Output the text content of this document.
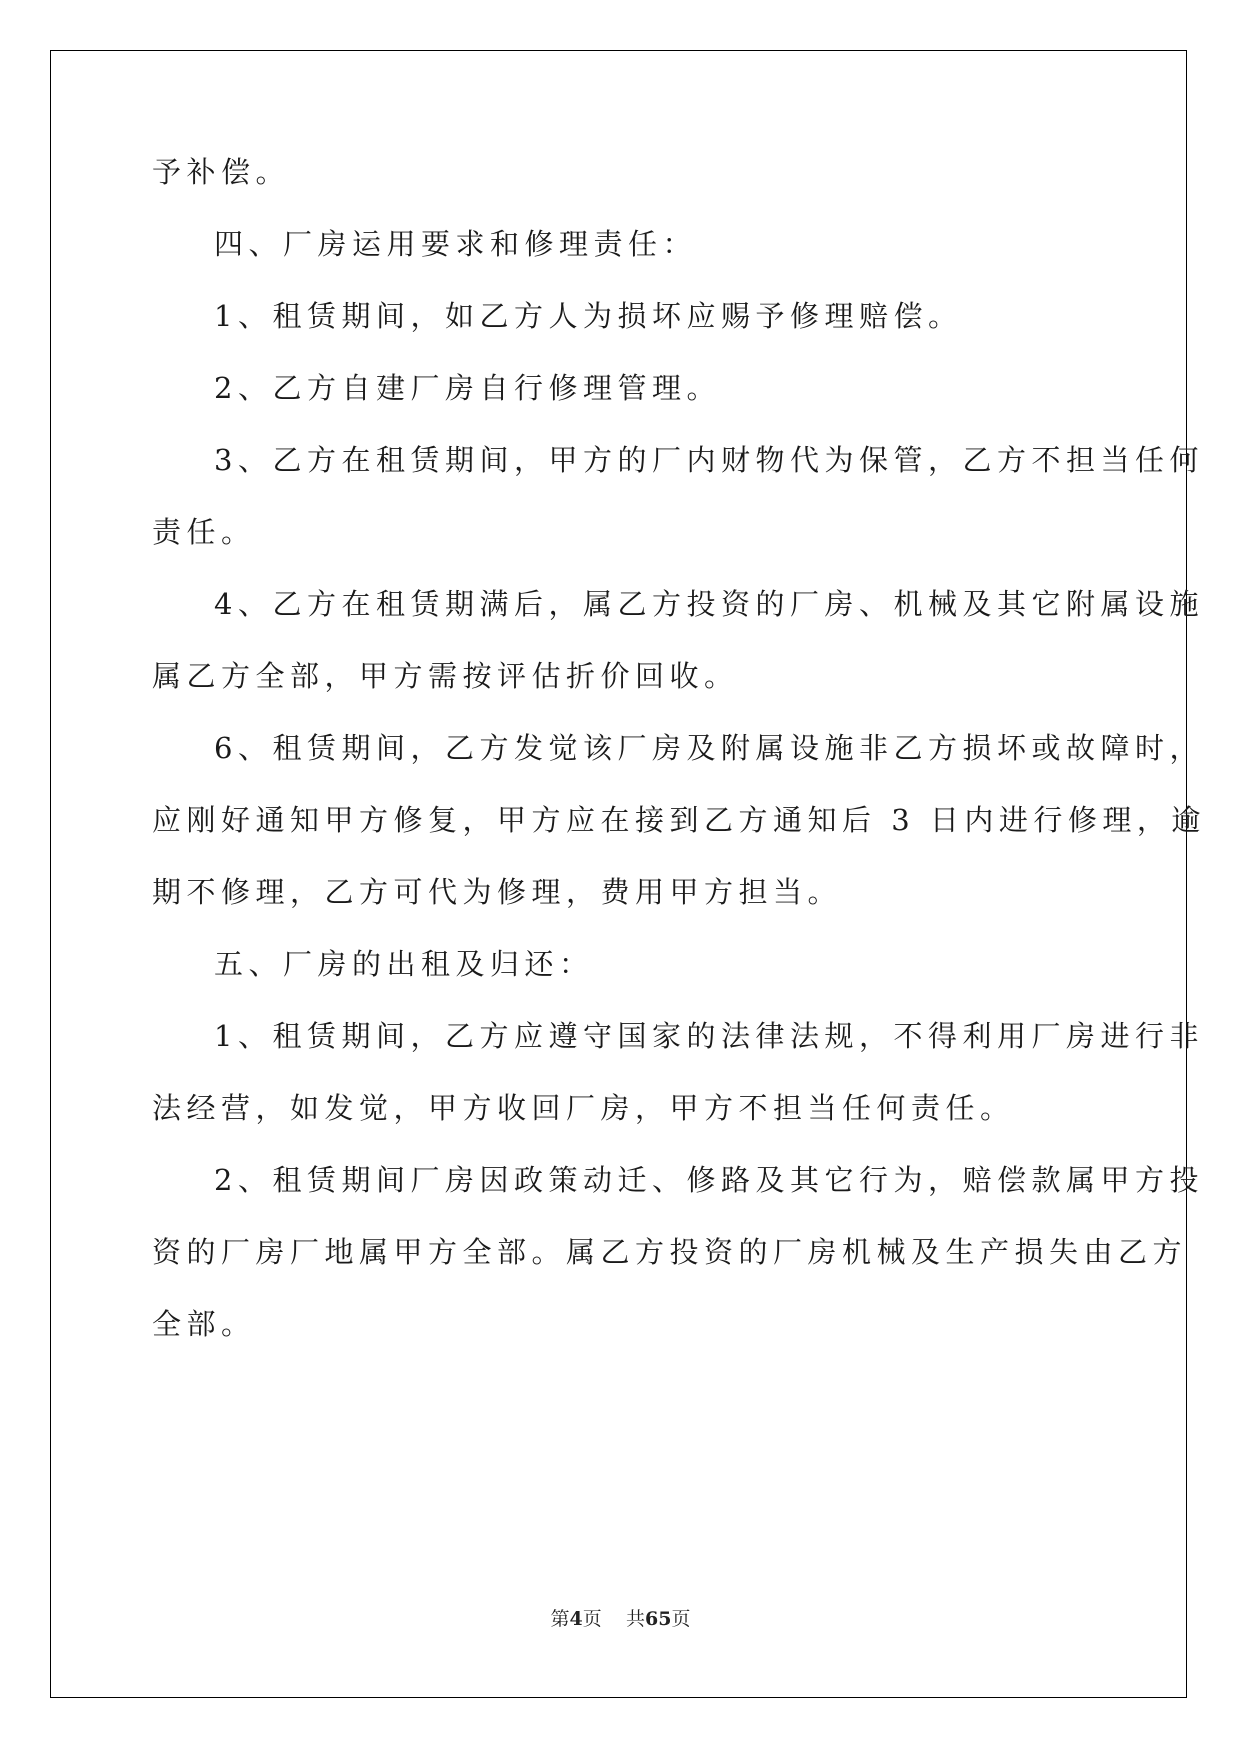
予补偿。
四、厂房运用要求和修理责任：
1、租赁期间，如乙方人为损坏应赐予修理赔偿。
2、乙方自建厂房自行修理管理。
3、乙方在租赁期间，甲方的厂内财物代为保管，乙方不担当任何
责任。
4、乙方在租赁期满后，属乙方投资的厂房、机械及其它附属设施
属乙方全部，甲方需按评估折价回收。
6、租赁期间，乙方发觉该厂房及附属设施非乙方损坏或故障时，
应刚好通知甲方修复，甲方应在接到乙方通知后 3 日内进行修理，逾
期不修理，乙方可代为修理，费用甲方担当。
五、厂房的出租及归还：
1、租赁期间，乙方应遵守国家的法律法规，不得利用厂房进行非
法经营，如发觉，甲方收回厂房，甲方不担当任何责任。
2、租赁期间厂房因政策动迁、修路及其它行为，赔偿款属甲方投
资的厂房厂地属甲方全部。属乙方投资的厂房机械及生产损失由乙方
全部。
第4页 共65页
